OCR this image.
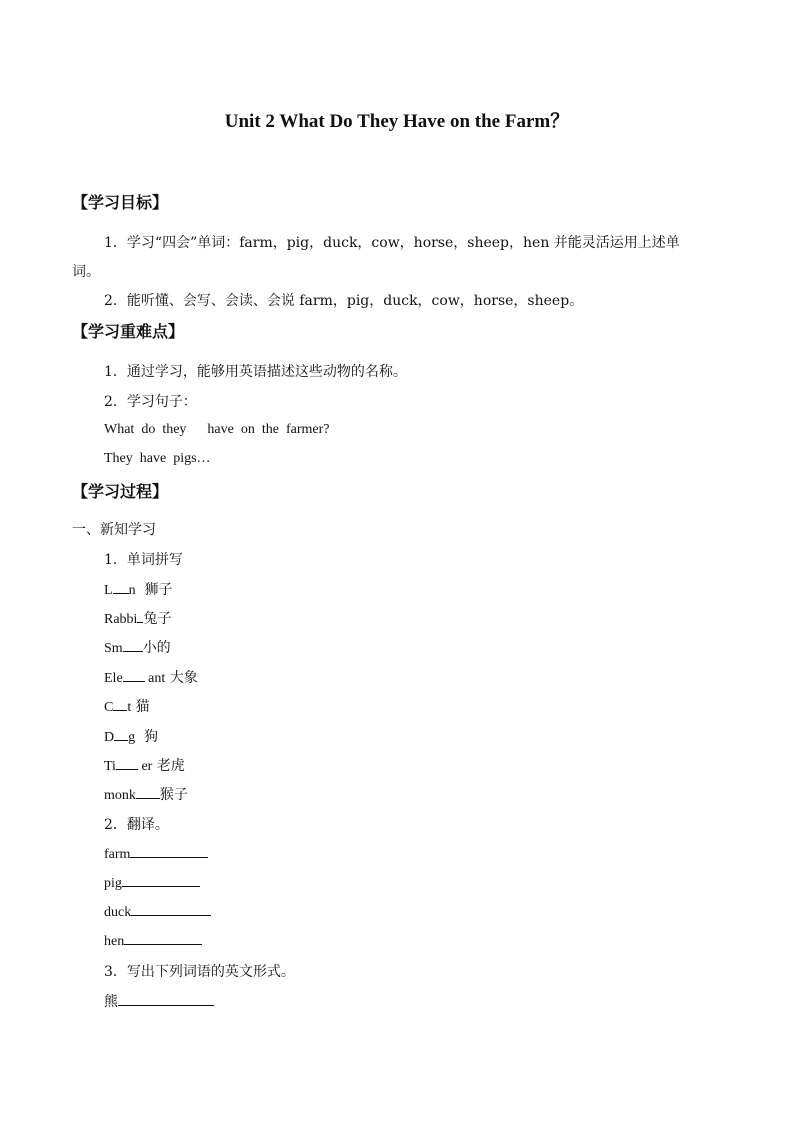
Unit 2 What Do They Have on the Farm？
【学习目标】
1．学习“四会”单词：farm，pig，duck，cow，horse，sheep，hen 并能灵活运用上述单
词。
2．能听懂、会写、会读、会说 farm，pig，duck，cow，horse，sheep。
【学习重难点】
1．通过学习，能够用英语描述这些动物的名称。
2．学习句子：
What  do  they      have  on  the  farmer?
They  have  pigs…
【学习过程】
一、新知学习
1．单词拼写
L n  狮子
Rabbi 兔子
Sm 小的
Ele ant 大象
C t 猫
D g  狗
Ti er 老虎
monk 猴子
2．翻译。
farm
pig
duck
hen
3．写出下列词语的英文形式。
熊
